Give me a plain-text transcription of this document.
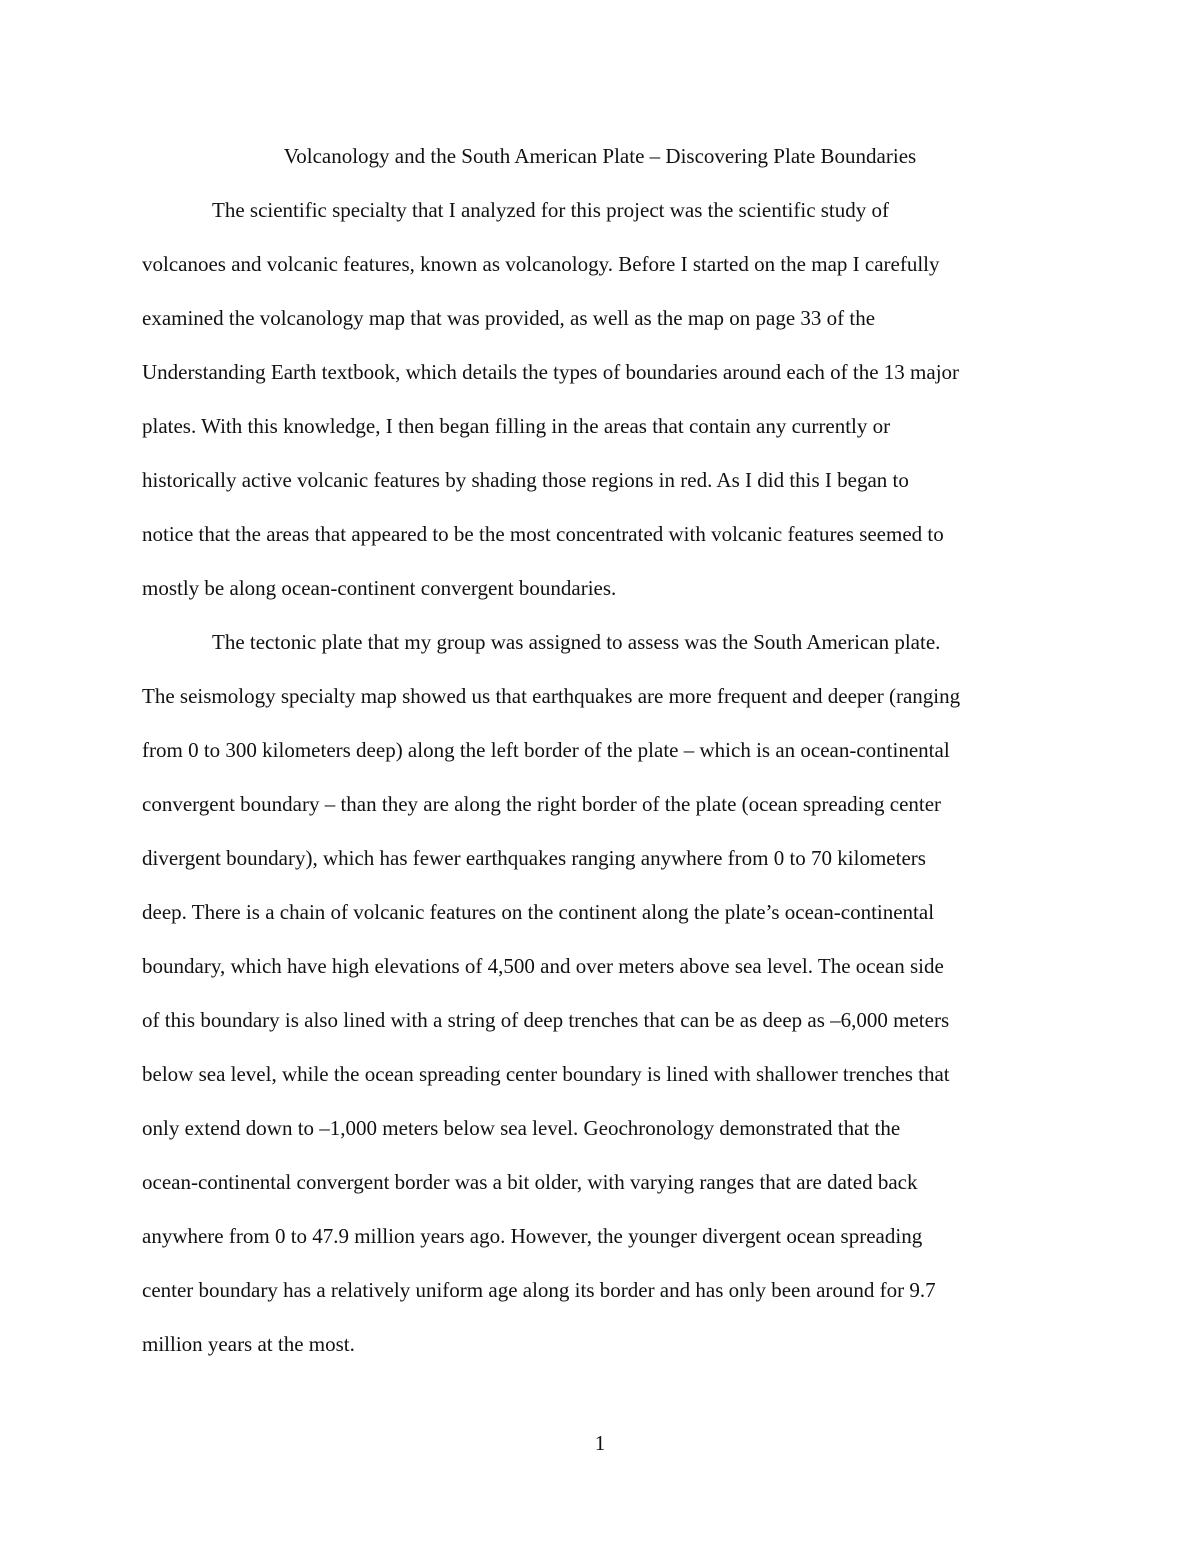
Volcanology and the South American Plate – Discovering Plate Boundaries

The scientific specialty that I analyzed for this project was the scientific study of

volcanoes and volcanic features, known as volcanology. Before I started on the map I carefully

examined the volcanology map that was provided, as well as the map on page 33 of the

Understanding Earth textbook, which details the types of boundaries around each of the 13 major

plates. With this knowledge, I then began filling in the areas that contain any currently or

historically active volcanic features by shading those regions in red. As I did this I began to

notice that the areas that appeared to be the most concentrated with volcanic features seemed to

mostly be along ocean-continent convergent boundaries.

The tectonic plate that my group was assigned to assess was the South American plate.

The seismology specialty map showed us that earthquakes are more frequent and deeper (ranging

from 0 to 300 kilometers deep) along the left border of the plate – which is an ocean-continental

convergent boundary – than they are along the right border of the plate (ocean spreading center

divergent boundary), which has fewer earthquakes ranging anywhere from 0 to 70 kilometers

deep. There is a chain of volcanic features on the continent along the plate’s ocean-continental

boundary, which have high elevations of 4,500 and over meters above sea level. The ocean side

of this boundary is also lined with a string of deep trenches that can be as deep as –6,000 meters

below sea level, while the ocean spreading center boundary is lined with shallower trenches that

only extend down to –1,000 meters below sea level. Geochronology demonstrated that the

ocean-continental convergent border was a bit older, with varying ranges that are dated back

anywhere from 0 to 47.9 million years ago. However, the younger divergent ocean spreading

center boundary has a relatively uniform age along its border and has only been around for 9.7

million years at the most.

1
